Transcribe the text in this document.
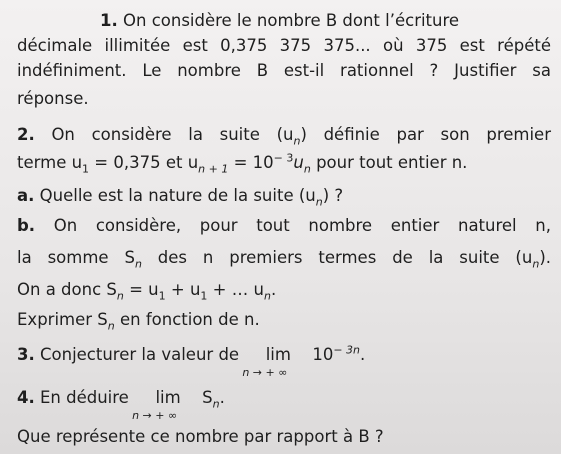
1. On considère le nombre B dont l’écriture
décimale illimitée est 0,375 375 375... où 375 est répété
indéfiniment. Le nombre B est-il rationnel ? Justifier sa
réponse.
2. On considère la suite $(u_n)$ définie par son premier
terme $u_1 = 0,375$ et $u_{n + 1} = 10^{- 3}u_n$ pour tout entier n.
a. Quelle est la nature de la suite $(u_n)$ ?
b. On considère, pour tout nombre entier naturel n,
la somme $S_n$ des n premiers termes de la suite $(u_n)$.
On a donc $S_n = u_1 + u_1$ + … $u_n$.
Exprimer $S_n$ en fonction de n.
3. Conjecturer la valeur de	lim
n → + ∞
$10^{- 3n}$.
4. En déduire	lim
n → + ∞
$S_n$.
Que représente ce nombre par rapport à B ?
